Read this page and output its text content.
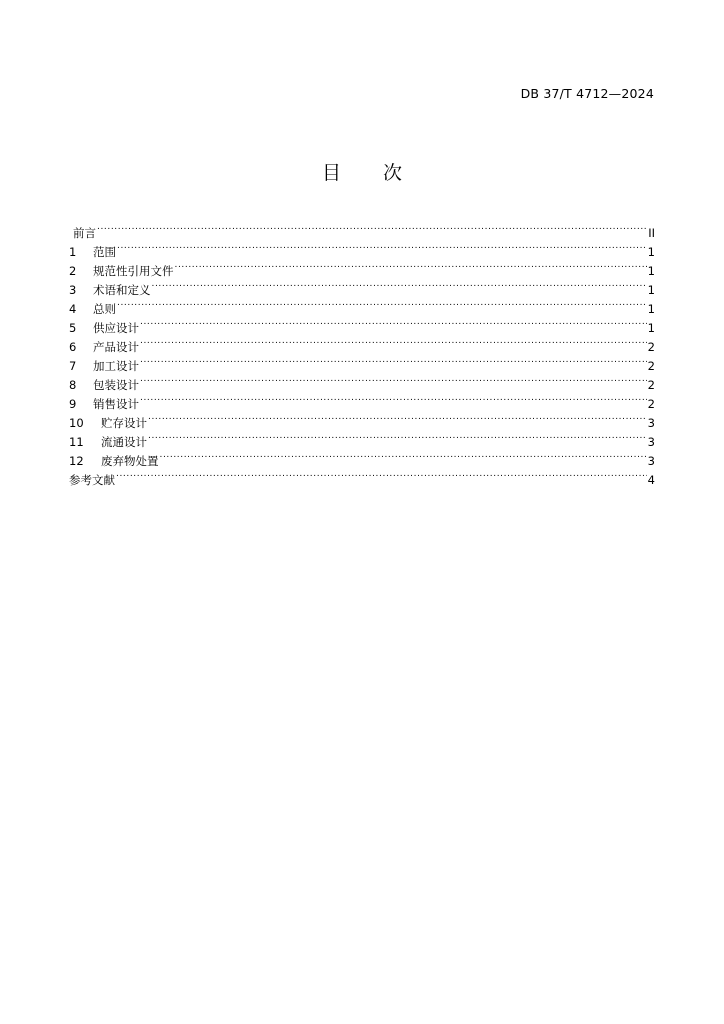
DB 37/T 4712—2024
目 次
前言 .....	II
1	范围 .....	1
2	规范性引用文件 .....	1
3	术语和定义 .....	1
4	总则 .....	1
5	供应设计 .....	1
6	产品设计 .....	2
7	加工设计 .....	2
8	包装设计 .....	2
9	销售设计 .....	2
10	贮存设计 .....	3
11	流通设计 .....	3
12	废弃物处置 .....	3
参考文献 .....	4
